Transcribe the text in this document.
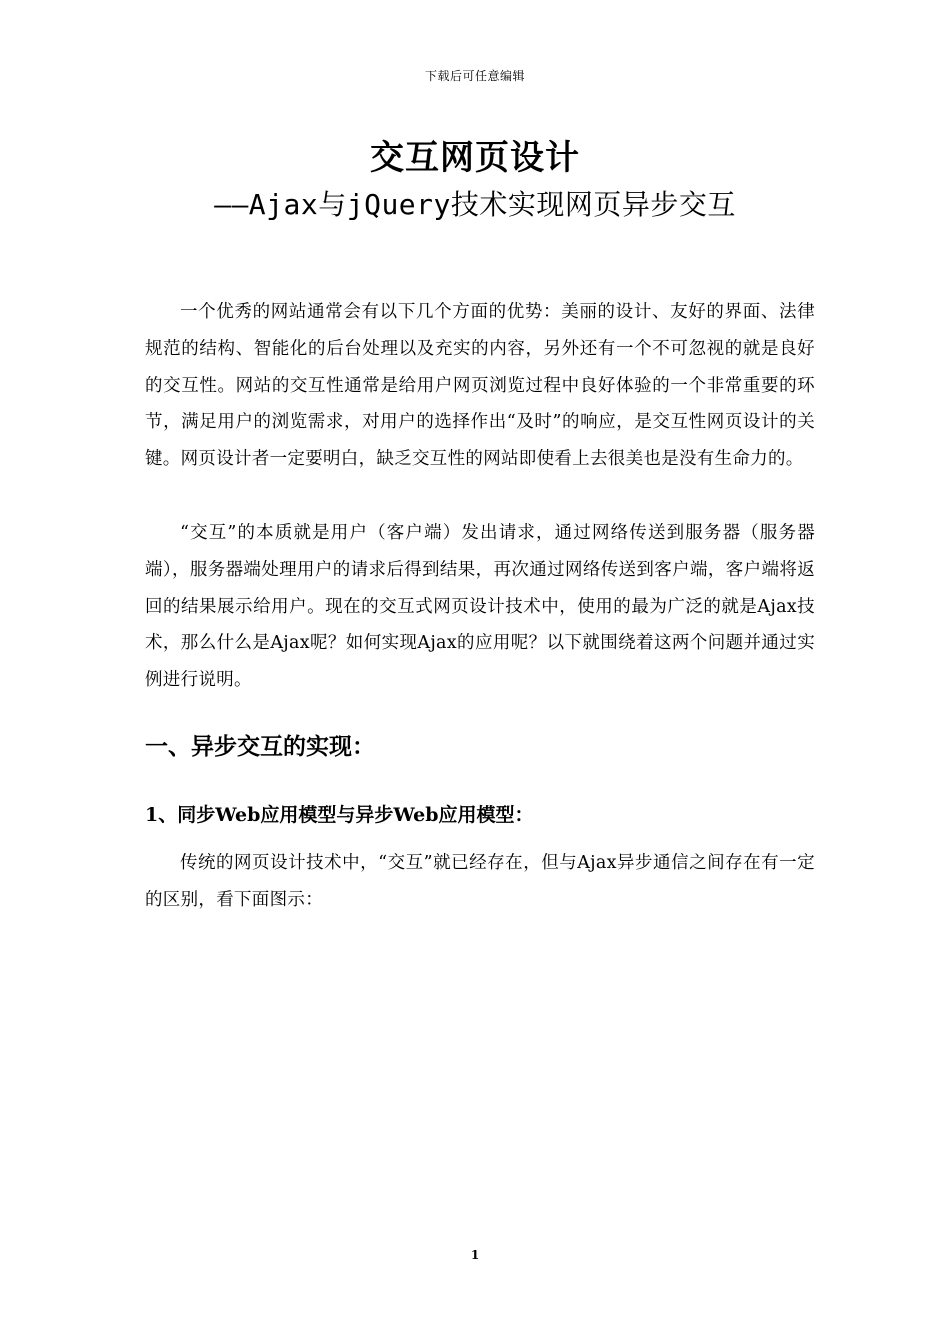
下载后可任意编辑
交互网页设计
——Ajax与jQuery技术实现网页异步交互

一个优秀的网站通常会有以下几个方面的优势：美丽的设计、友好的界面、法律规范的结构、智能化的后台处理以及充实的内容，另外还有一个不可忽视的就是良好的交互性。网站的交互性通常是给用户网页浏览过程中良好体验的一个非常重要的环节，满足用户的浏览需求，对用户的选择作出“及时”的响应，是交互性网页设计的关键。网页设计者一定要明白，缺乏交互性的网站即使看上去很美也是没有生命力的。

“交互”的本质就是用户（客户端）发出请求，通过网络传送到服务器（服务器端），服务器端处理用户的请求后得到结果，再次通过网络传送到客户端，客户端将返回的结果展示给用户。现在的交互式网页设计技术中，使用的最为广泛的就是Ajax技术，那么什么是Ajax呢？如何实现Ajax的应用呢？以下就围绕着这两个问题并通过实例进行说明。

一、异步交互的实现：
1、同步Web应用模型与异步Web应用模型：

传统的网页设计技术中，“交互”就已经存在，但与Ajax异步通信之间存在有一定的区别，看下面图示：

1
